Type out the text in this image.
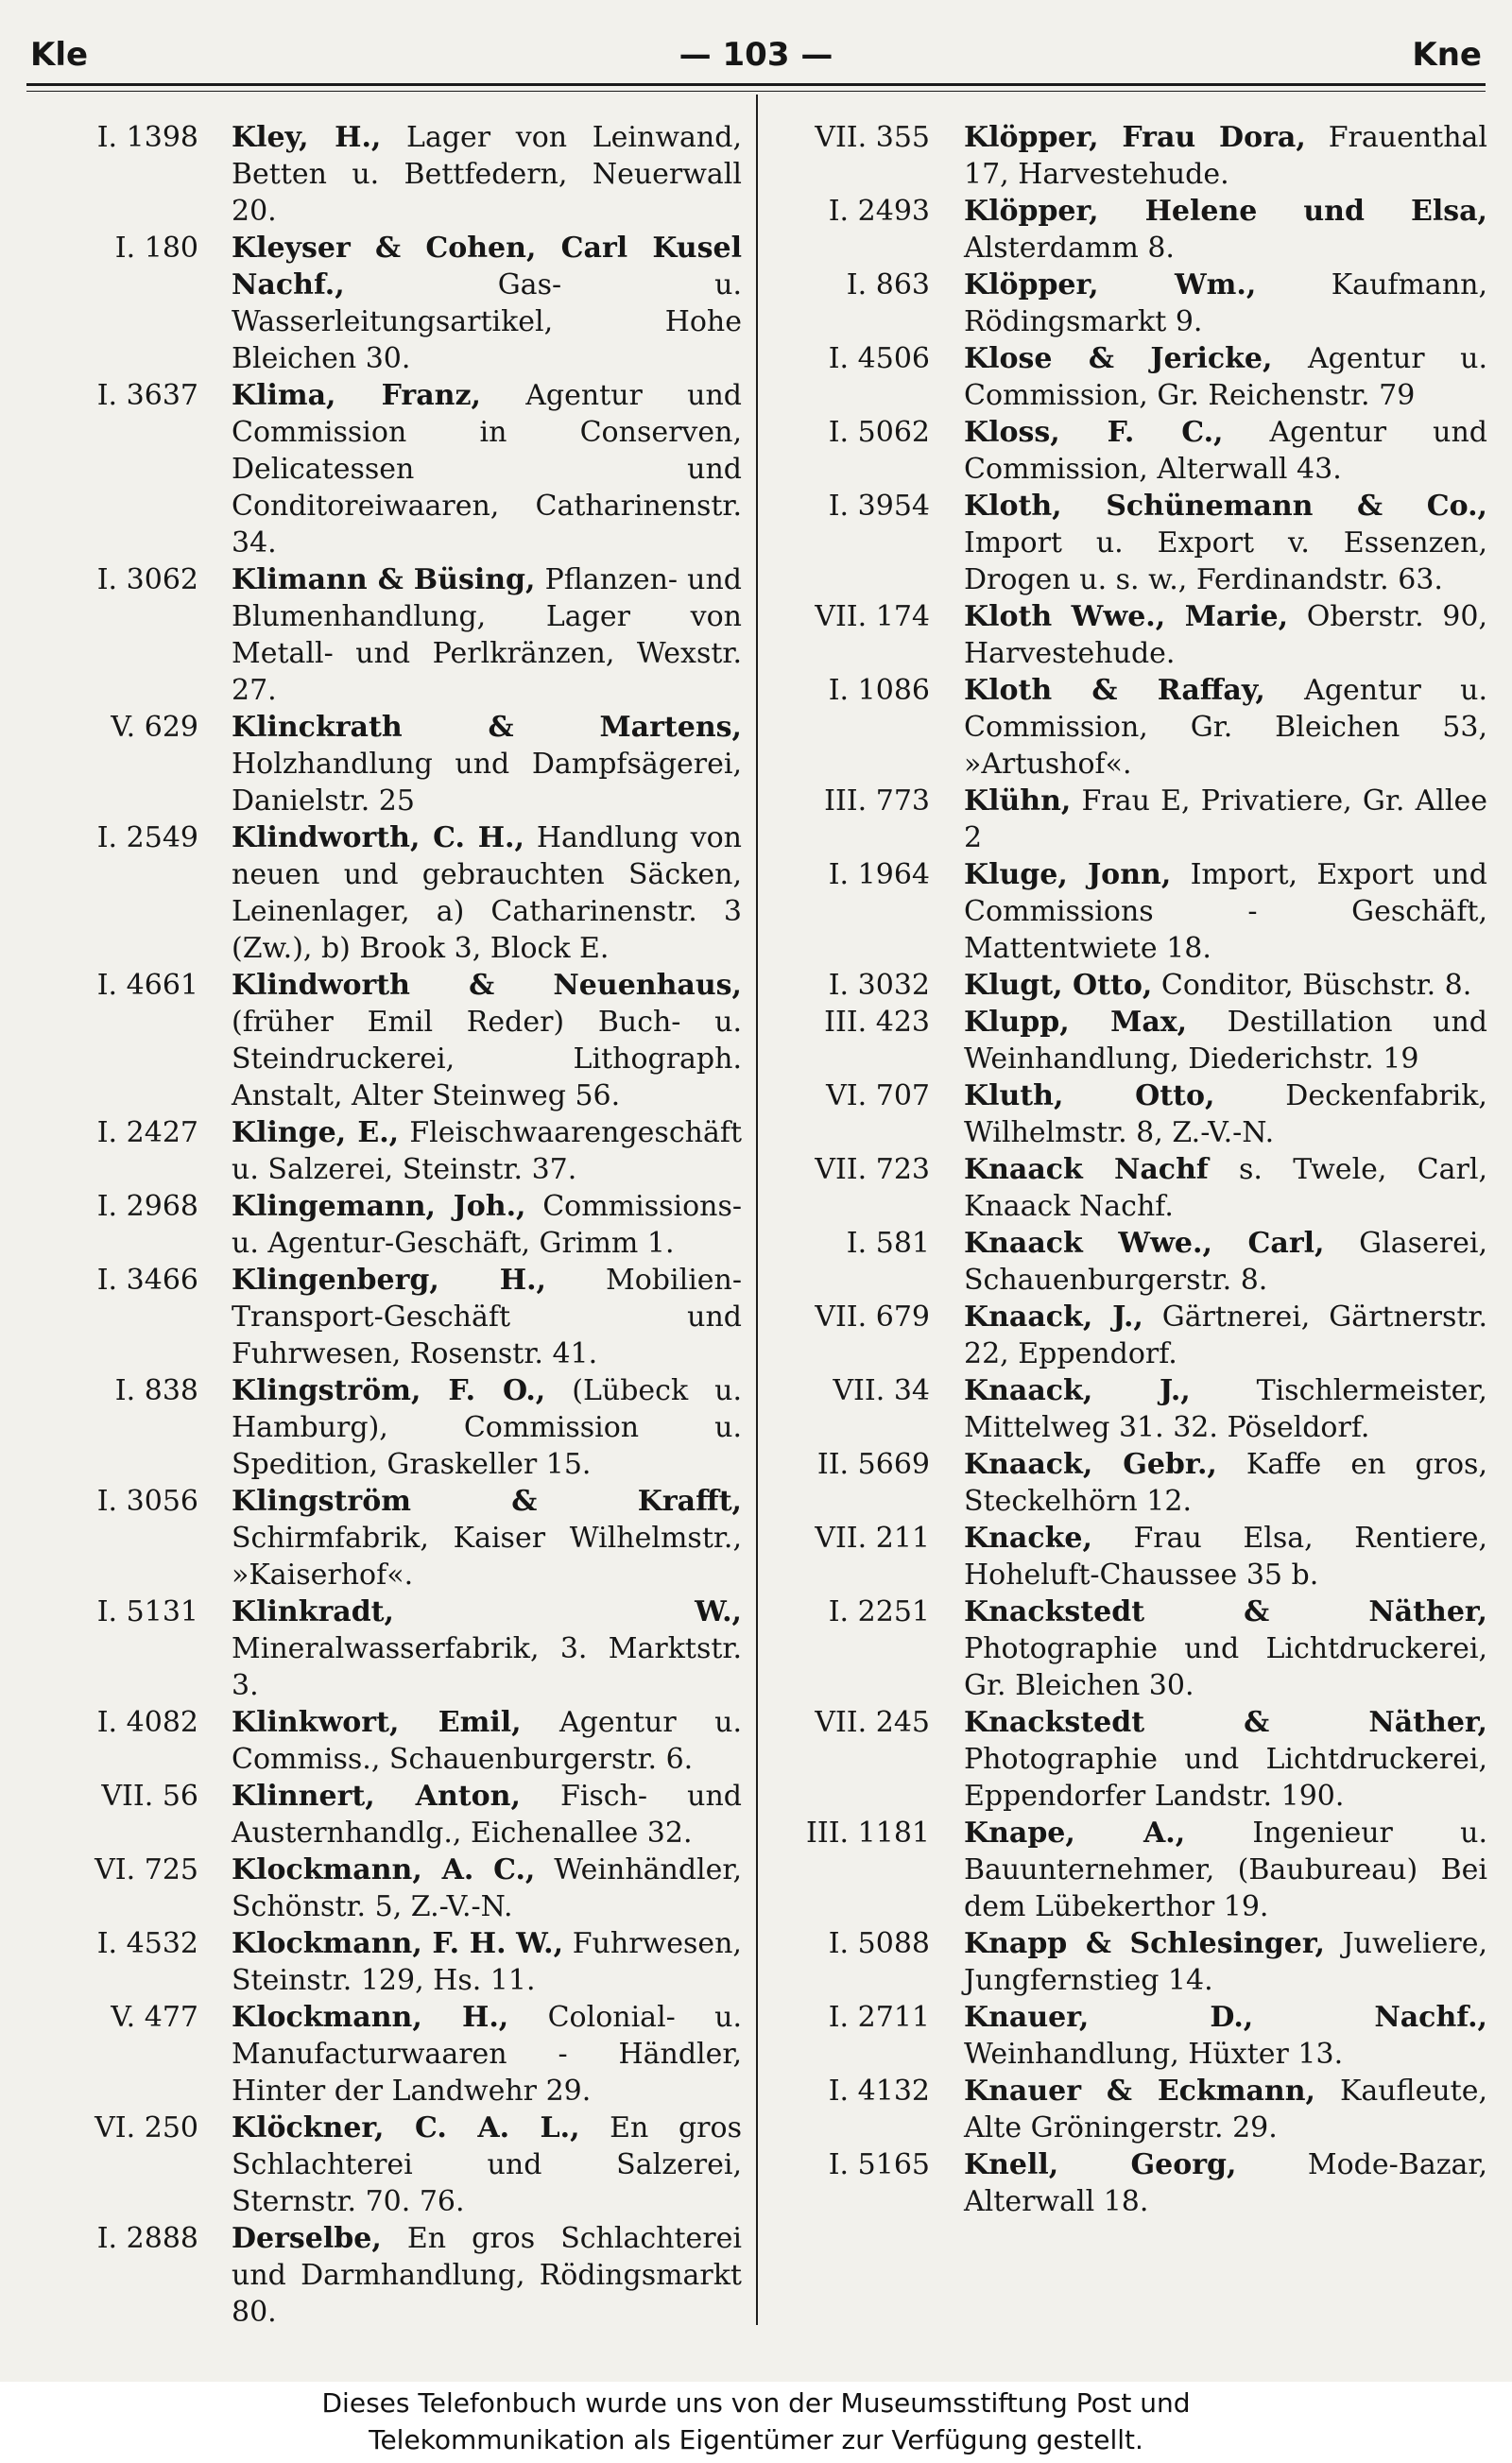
Kle	— 103 —	Kne
I. 1398 Kley, H., Lager von Leinwand, Betten u. Bettfedern, Neuerwall 20.
I. 180 Kleyser & Cohen, Carl Kusel Nachf.,	Gas- u. Wasserleitungsartikel, Hohe Bleichen 30.
I. 3637 Klima, Franz, Agentur und Commission in Conserven, Delicatessen und Conditoreiwaaren, Catharinenstr. 34.
I. 3062 Klimann & Büsing, Pflanzen- und Blumenhandlung, Lager von Metall- und Perlkränzen, Wexstr. 27.
V. 629 Klinckrath & Martens, Holzhandlung und Dampfsägerei, Danielstr. 25
I. 2549 Klindworth, C. H., Handlung von neuen und gebrauchten Säcken, Leinenlager, a) Catharinenstr. 3 (Zw.), b) Brook 3, Block E.
I. 4661 Klindworth & Neuenhaus, (früher Emil Reder) Buch- u. Steindruckerei, Lithograph. Anstalt, Alter Steinweg 56.
I. 2427 Klinge, E., Fleischwaarengeschäft u. Salzerei, Steinstr. 37.
I. 2968 Klingemann, Joh., Commissions- u. Agentur-Geschäft, Grimm 1.
I. 3466 Klingenberg, H., Mobilien-Transport-Geschäft und Fuhrwesen, Rosenstr. 41.
I. 838 Klingström, F. O., (Lübeck u. Hamburg), Commission u. Spedition, Graskeller 15.
I. 3056 Klingström & Krafft, Schirmfabrik, Kaiser Wilhelmstr., »Kaiserhof«.
I. 5131 Klinkradt, W., Mineralwasserfabrik, 3. Marktstr. 3.
I. 4082 Klinkwort, Emil, Agentur u. Commiss., Schauenburgerstr. 6.
VII. 56 Klinnert, Anton, Fisch- und Austernhandlg., Eichenallee 32.
VI. 725 Klockmann, A. C., Weinhändler, Schönstr. 5, Z.-V.-N.
I. 4532 Klockmann, F. H. W., Fuhrwesen, Steinstr. 129, Hs. 11.
V. 477 Klockmann, H., Colonial- u. Manufacturwaaren - Händler, Hinter der Landwehr 29.
VI. 250 Klöckner, C. A. L., En gros Schlachterei und Salzerei, Sternstr. 70. 76.
I. 2888 Derselbe, En gros Schlachterei und Darmhandlung, Rödingsmarkt 80.
VII. 355 Klöpper, Frau Dora, Frauenthal 17, Harvestehude.
I. 2493 Klöpper, Helene und Elsa, Alsterdamm 8.
I. 863 Klöpper, Wm.,	Kaufmann, Rödingsmarkt 9.
I. 4506 Klose & Jericke, Agentur u. Commission, Gr. Reichenstr. 79
I. 5062 Kloss, F. C., Agentur und Commission, Alterwall 43.
I. 3954 Kloth, Schünemann & Co., Import u. Export v. Essenzen, Drogen u. s. w., Ferdinandstr. 63.
VII. 174 Kloth Wwe., Marie, Oberstr. 90, Harvestehude.
I. 1086 Kloth & Raffay, Agentur u. Commission, Gr. Bleichen 53, »Artushof«.
III. 773 Klühn, Frau E, Privatiere, Gr. Allee 2
I. 1964 Kluge, Jonn, Import, Export und Commissions - Geschäft, Mattentwiete 18.
I. 3032 Klugt, Otto, Conditor, Büschstr. 8.
III. 423 Klupp, Max, Destillation und Weinhandlung, Diederichstr. 19
VI. 707 Kluth, Otto, Deckenfabrik, Wilhelmstr. 8, Z.-V.-N.
VII. 723 Knaack Nachf s. Twele, Carl, Knaack Nachf.
I. 581 Knaack Wwe., Carl, Glaserei, Schauenburgerstr. 8.
VII. 679 Knaack, J., Gärtnerei, Gärtnerstr. 22, Eppendorf.
VII. 34 Knaack, J., Tischlermeister, Mittelweg 31. 32. Pöseldorf.
II. 5669 Knaack, Gebr., Kaffe en gros, Steckelhörn 12.
VII. 211 Knacke, Frau Elsa, Rentiere, Hoheluft-Chaussee 35 b.
I. 2251 Knackstedt & Näther, Photographie und Lichtdruckerei, Gr. Bleichen 30.
VII. 245 Knackstedt & Näther, Photographie und Lichtdruckerei, Eppendorfer Landstr. 190.
III. 1181 Knape, A., Ingenieur u. Bauunternehmer, (Baubureau) Bei dem Lübekerthor 19.
I. 5088 Knapp & Schlesinger, Juweliere, Jungfernstieg 14.
I. 2711 Knauer, D., Nachf., Weinhandlung, Hüxter 13.
I. 4132 Knauer & Eckmann, Kaufleute, Alte Gröningerstr. 29.
I. 5165 Knell, Georg,	Mode-Bazar, Alterwall 18.
Dieses Telefonbuch wurde uns von der Museumsstiftung Post und
Telekommunikation als Eigentümer zur Verfügung gestellt.
